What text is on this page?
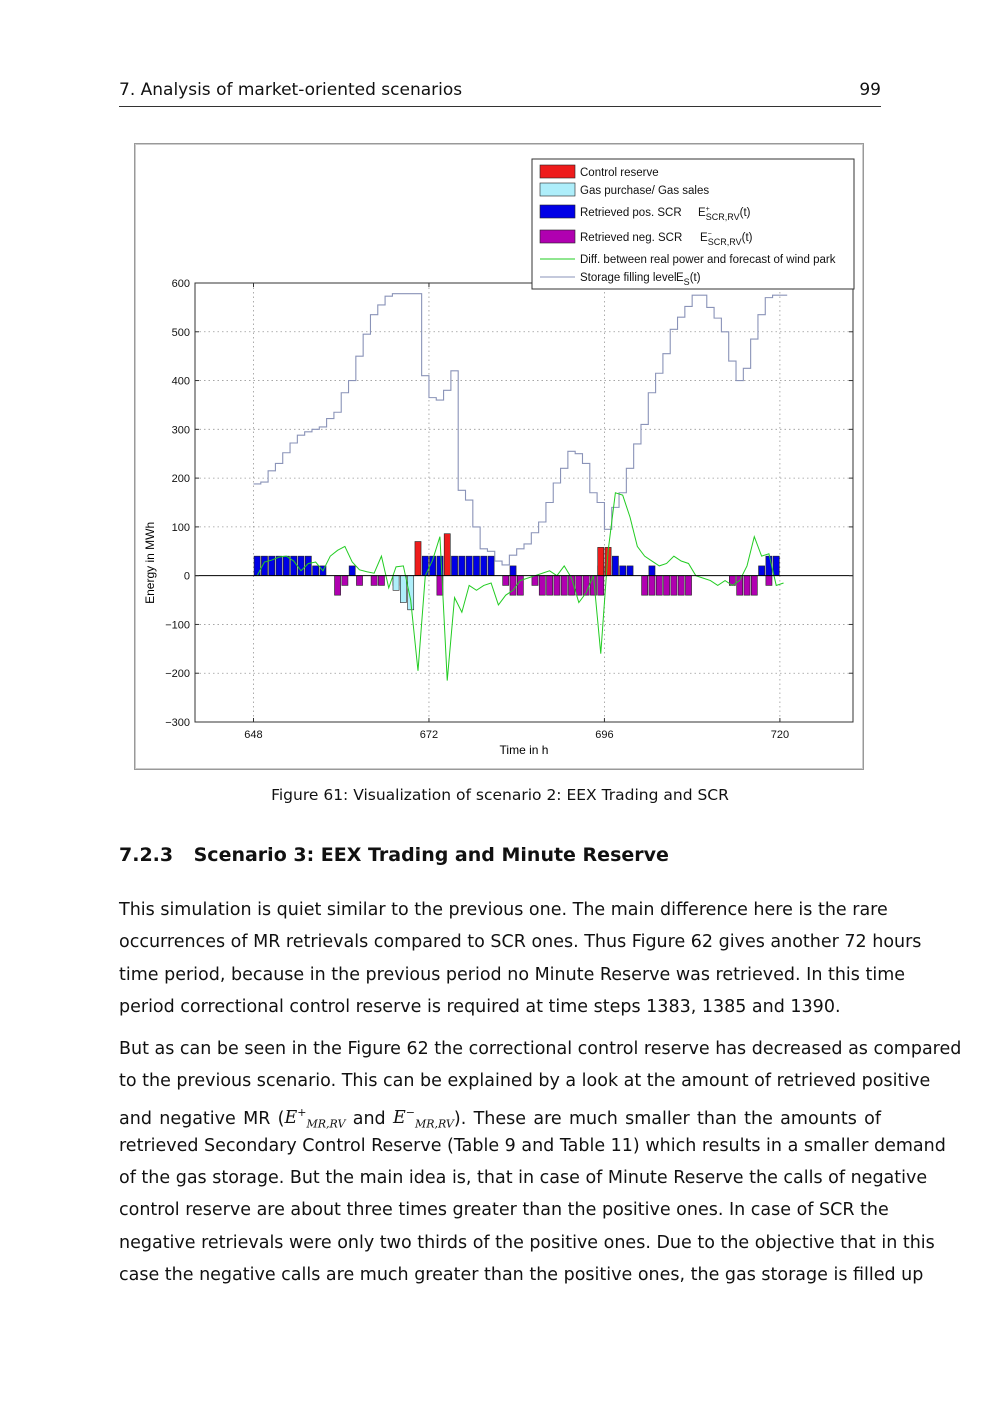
7. Analysis of market-oriented scenarios	99
−300
−200
−100
0
100
200
300
400
500
600
648	672	696	720
Time in h
Energy in MWh
Control reserve
Gas purchase/ Gas sales
Retrieved pos. SCR E+ SCR,RV(t)
Retrieved neg. SCR E− SCR,RV(t)
Diff. between real power and forecast of wind park
Storage filling level $E_S(t)$
Figure 61: Visualization of scenario 2: EEX Trading and SCR
7.2.3 Scenario 3: EEX Trading and Minute Reserve
This simulation is quiet similar to the previous one. The main difference here is the rare
occurrences of MR retrievals compared to SCR ones. Thus Figure 62 gives another 72 hours
time period, because in the previous period no Minute Reserve was retrieved. In this time
period correctional control reserve is required at time steps 1383, 1385 and 1390.
But as can be seen in the Figure 62 the correctional control reserve has decreased as compared
to the previous scenario. This can be explained by a look at the amount of retrieved positive
and negative MR ($E^+_{MR,RV}$ and $E^-_{MR,RV}$). These are much smaller than the amounts of
retrieved Secondary Control Reserve (Table 9 and Table 11) which results in a smaller demand
of the gas storage. But the main idea is, that in case of Minute Reserve the calls of negative
control reserve are about three times greater than the positive ones. In case of SCR the
negative retrievals were only two thirds of the positive ones. Due to the objective that in this
case the negative calls are much greater than the positive ones, the gas storage is filled up
